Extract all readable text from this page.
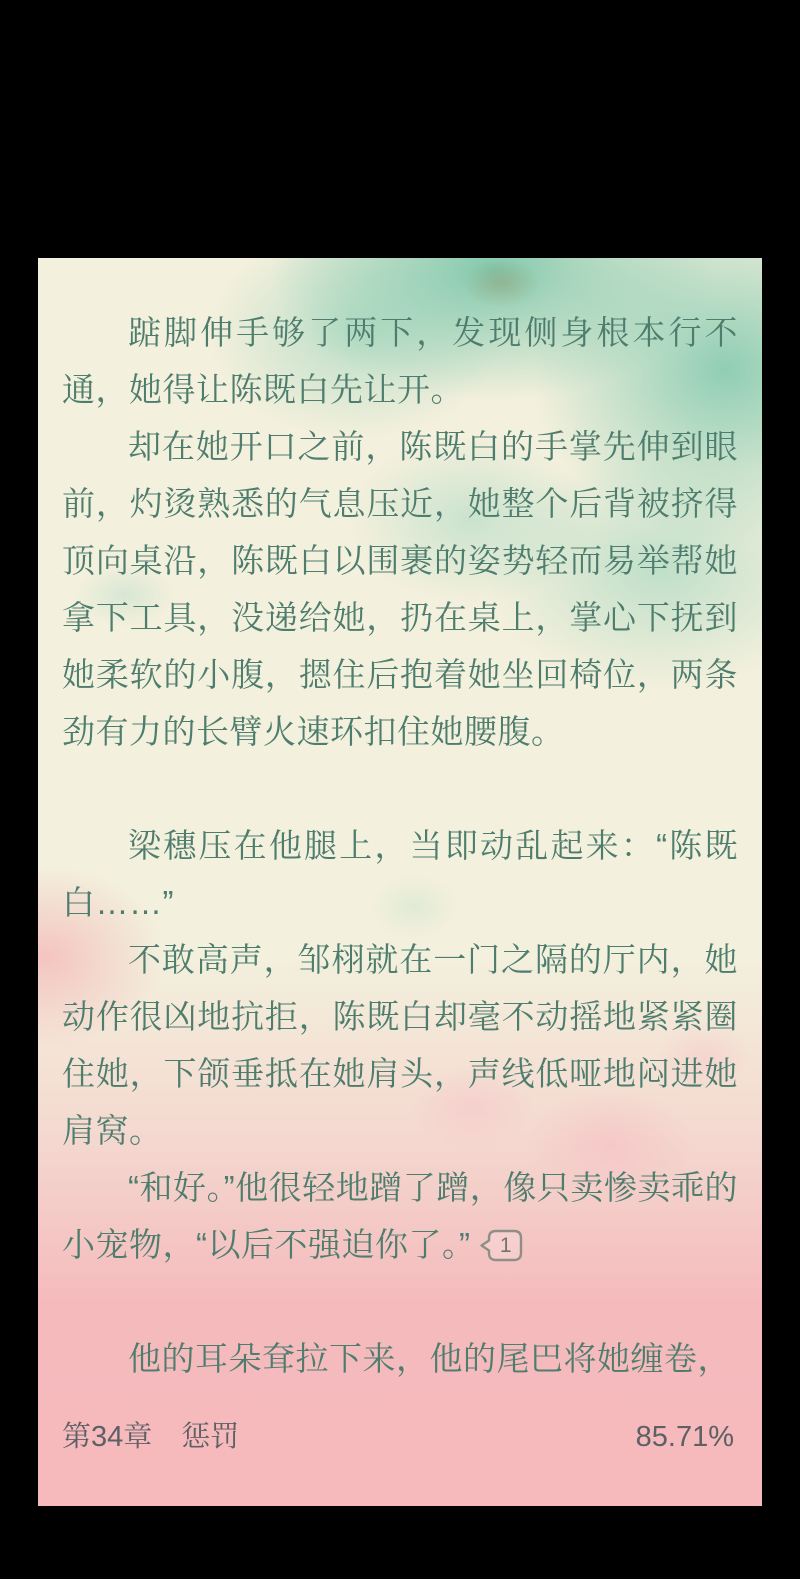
踮脚伸手够了两下，发现侧身根本行不通，她得让陈既白先让开。

却在她开口之前，陈既白的手掌先伸到眼前，灼烫熟悉的气息压近，她整个后背被挤得顶向桌沿，陈既白以围裹的姿势轻而易举帮她拿下工具，没递给她，扔在桌上，掌心下抚到她柔软的小腹，摁住后抱着她坐回椅位，两条劲有力的长臂火速环扣住她腰腹。

梁穗压在他腿上，当即动乱起来：“陈既白……”

不敢高声，邹栩就在一门之隔的厅内，她动作很凶地抗拒，陈既白却毫不动摇地紧紧圈住她，下颌垂抵在她肩头，声线低哑地闷进她肩窝。

“和好。”他很轻地蹭了蹭，像只卖惨卖乖的小宠物，“以后不强迫你了。”	1

他的耳朵耷拉下来，他的尾巴将她缠卷，

第34章　惩罚	85.71%
